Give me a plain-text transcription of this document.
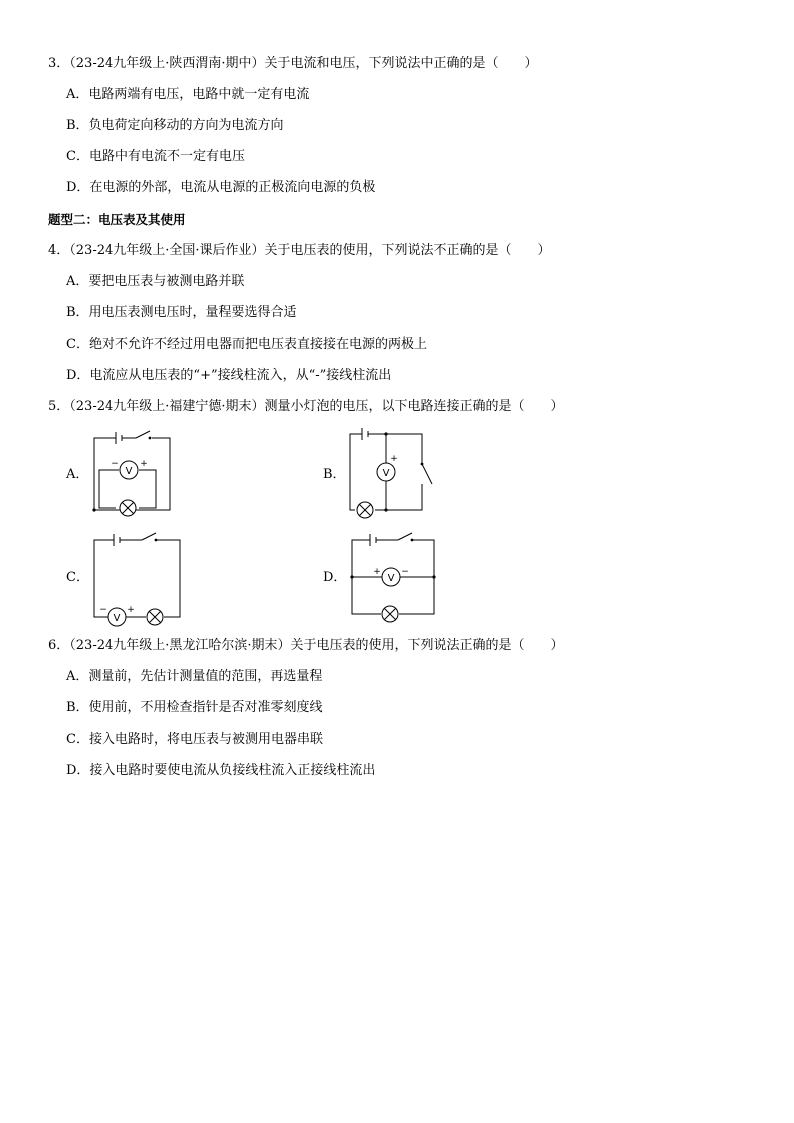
3．（23-24九年级上·陕西渭南·期中）关于电流和电压，下列说法中正确的是（　　）
A．电路两端有电压，电路中就一定有电流
B．负电荷定向移动的方向为电流方向
C．电路中有电流不一定有电压
D．在电源的外部，电流从电源的正极流向电源的负极
题型二：电压表及其使用
4．（23-24九年级上·全国·课后作业）关于电压表的使用，下列说法不正确的是（　　）
A．要把电压表与被测电路并联
B．用电压表测电压时，量程要选得合适
C．绝对不允许不经过用电器而把电压表直接接在电源的两极上
D．电流应从电压表的“+”接线柱流入，从“-”接线柱流出
5．（23-24九年级上·福建宁德·期末）测量小灯泡的电压，以下电路连接正确的是（　　）
A．	V
− +
B．	V
+
C．
V
− +
D．	V
+ −
6．（23-24九年级上·黑龙江哈尔滨·期末）关于电压表的使用，下列说法正确的是（　　）
A．测量前，先估计测量值的范围，再选量程
B．使用前，不用检查指针是否对准零刻度线
C．接入电路时，将电压表与被测用电器串联
D．接入电路时要使电流从负接线柱流入正接线柱流出
